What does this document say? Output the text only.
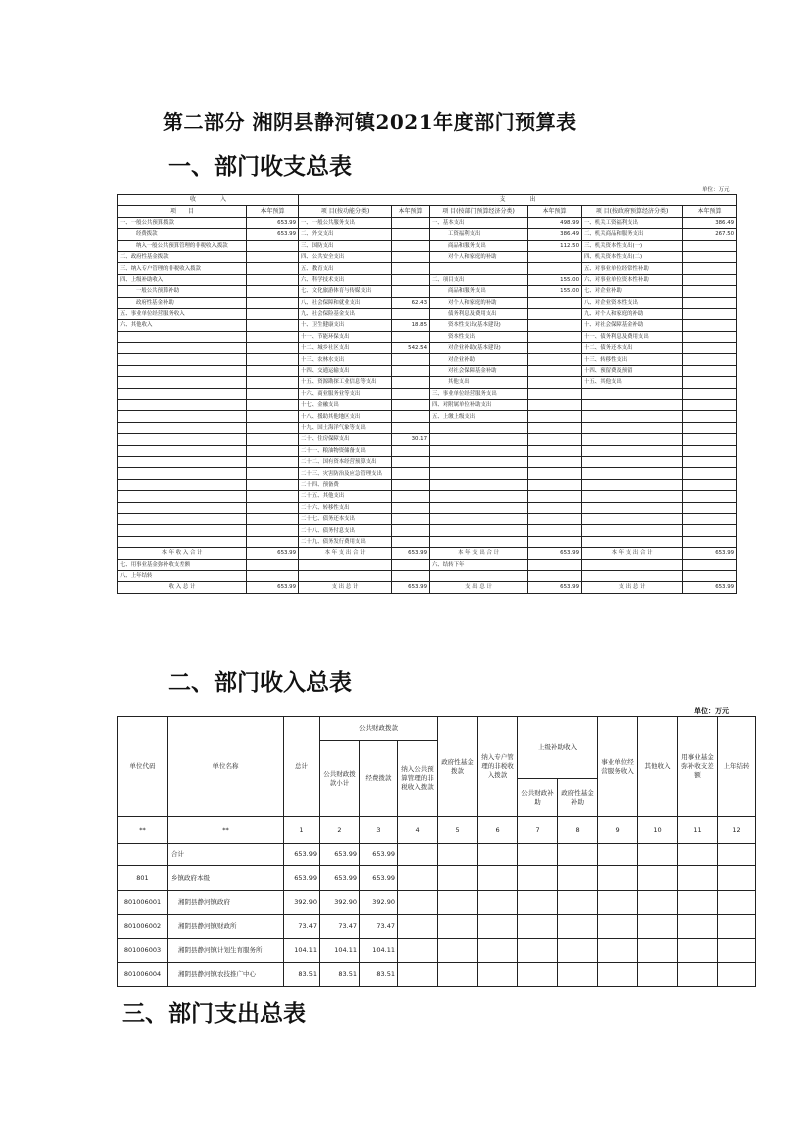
第二部分 湘阴县静河镇2021年度部门预算表
一、部门收支总表
单位：万元
收　　　　入		支　　　　出					
项　　目	本年预算	项 目(按功能分类)	本年预算	项 目(按部门预算经济分类)	本年预算	项 目(按政府预算经济分类)	本年预算
一、一般公共预算拨款	653.99	一、一般公共服务支出		一、基本支出	498.99	一、机关工资福利支出	386.49
经费拨款	653.99	二、外交支出		工资福利支出	386.49	二、机关商品和服务支出	267.50
纳入一般公共预算管理的非税收入拨款		三、国防支出		商品和服务支出	112.50	三、机关资本性支出(一)	
二、政府性基金拨款		四、公共安全支出		对个人和家庭的补助		四、机关资本性支出(二)	
三、纳入专户管理的非税收入拨款		五、教育支出				五、对事业单位经常性补助	
四、上级补助收入		六、科学技术支出		二、项目支出	155.00	六、对事业单位资本性补助	
一般公共预算补助		七、文化旅游体育与传媒支出		商品和服务支出	155.00	七、对企业补助	
政府性基金补助		八、社会保障和就业支出	62.43	对个人和家庭的补助		八、对企业资本性支出	
五、事业单位经营服务收入		九、社会保险基金支出		债务利息及费用支出		九、对个人和家庭的补助	
六、其他收入		十、卫生健康支出	18.85	资本性支出(基本建设)		十、对社会保障基金补助	
		十一、节能环保支出		资本性支出		十一、债务利息及费用支出	
		十二、城乡社区支出	542.54	对企业补助(基本建设)		十二、债务还本支出	
		十三、农林水支出		对企业补助		十三、转移性支出	
		十四、交通运输支出		对社会保障基金补助		十四、预留费及预留	
		十五、资源勘探工业信息等支出		其他支出		十五、其他支出	
		十六、商业服务业等支出		三、事业单位经营服务支出			
		十七、金融支出		四、对附属单位补助支出			
		十八、援助其他地区支出		五、上缴上级支出			
		十九、国土海洋气象等支出					
		二十、住房保障支出	30.17				
		二十一、粮油物资储备支出					
		二十二、国有资本经营预算支出					
		二十三、灾害防治及应急管理支出					
		二十四、预备费					
		二十五、其他支出					
		二十六、转移性支出					
		二十七、债务还本支出					
		二十八、债务付息支出					
		二十九、债务发行费用支出					
本 年 收 入 合 计	653.99	本 年 支 出 合 计	653.99	本 年 支 出 合 计	653.99	本 年 支 出 合 计	653.99
七、用事业基金弥补收支差额				六、结转下年			
八、上年结转							
收 入 总 计	653.99	支 出 总 计	653.99	支 出 总 计	653.99	支 出 总 计	653.99
二、部门收入总表
单位：万元
单位代码	单位名称	总计	公共财政拨款			政府性基金拨款	纳入专户管理的非税收入拨款	上级补助收入		事业单位经营服务收入	其他收入	用事业基金弥补收支差额	上年结转
			公共财政拨款小计	经费拨款	纳入公共预算管理的非税收入拨款								
								公共财政补助	政府性基金补助				
**	**	1	2	3	4	5	6	7	8	9	10	11	12
	合计	653.99	653.99	653.99									
801	乡镇政府本级	653.99	653.99	653.99									
801006001	湘阴县静河镇政府	392.90	392.90	392.90									
801006002	湘阴县静河镇财政所	73.47	73.47	73.47									
801006003	湘阴县静河镇计划生育服务所	104.11	104.11	104.11									
801006004	湘阴县静河镇农技推广中心	83.51	83.51	83.51									
三、部门支出总表
